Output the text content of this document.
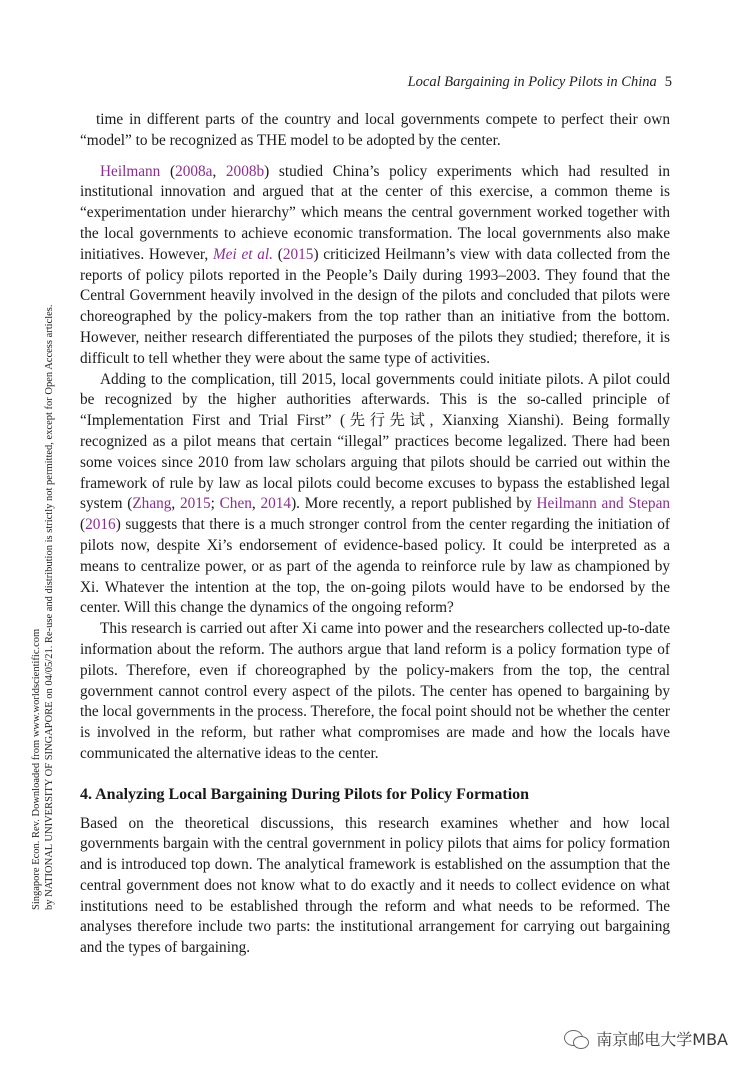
Local Bargaining in Policy Pilots in China 5
Singapore Econ. Rev. Downloaded from www.worldscientific.com by NATIONAL UNIVERSITY OF SINGAPORE on 04/05/21. Re-use and distribution is strictly not permitted, except for Open Access articles.

time in different parts of the country and local governments compete to perfect their own “model” to be recognized as THE model to be adopted by the center.

Heilmann (2008a, 2008b) studied China’s policy experiments which had resulted in institutional innovation and argued that at the center of this exercise, a common theme is “experimentation under hierarchy” which means the central government worked together with the local governments to achieve economic transformation. The local governments also make initiatives. However, Mei et al. (2015) criticized Heilmann’s view with data collected from the reports of policy pilots reported in the People’s Daily during 1993–2003. They found that the Central Government heavily involved in the design of the pilots and concluded that pilots were choreographed by the policy-makers from the top rather than an initiative from the bottom. However, neither research differentiated the purposes of the pilots they studied; therefore, it is difficult to tell whether they were about the same type of activities.

Adding to the complication, till 2015, local governments could initiate pilots. A pilot could be recognized by the higher authorities afterwards. This is the so-called principle of “Implementation First and Trial First” (先行先试, Xianxing Xianshi). Being formally recognized as a pilot means that certain “illegal” practices become legalized. There had been some voices since 2010 from law scholars arguing that pilots should be carried out within the framework of rule by law as local pilots could become excuses to bypass the established legal system (Zhang, 2015; Chen, 2014). More recently, a report published by Heilmann and Stepan (2016) suggests that there is a much stronger control from the center regarding the initiation of pilots now, despite Xi’s endorsement of evidence-based policy. It could be interpreted as a means to centralize power, or as part of the agenda to reinforce rule by law as championed by Xi. Whatever the intention at the top, the on-going pilots would have to be endorsed by the center. Will this change the dynamics of the ongoing reform?

This research is carried out after Xi came into power and the researchers collected up-to-date information about the reform. The authors argue that land reform is a policy formation type of pilots. Therefore, even if choreographed by the policy-makers from the top, the central government cannot control every aspect of the pilots. The center has opened to bargaining by the local governments in the process. Therefore, the focal point should not be whether the center is involved in the reform, but rather what compromises are made and how the locals have communicated the alternative ideas to the center.

4. Analyzing Local Bargaining During Pilots for Policy Formation

Based on the theoretical discussions, this research examines whether and how local governments bargain with the central government in policy pilots that aims for policy formation and is introduced top down. The analytical framework is established on the assumption that the central government does not know what to do exactly and it needs to collect evidence on what institutions need to be established through the reform and what needs to be reformed. The analyses therefore include two parts: the institutional arrangement for carrying out bargaining and the types of bargaining.

南京邮电大学MBA
